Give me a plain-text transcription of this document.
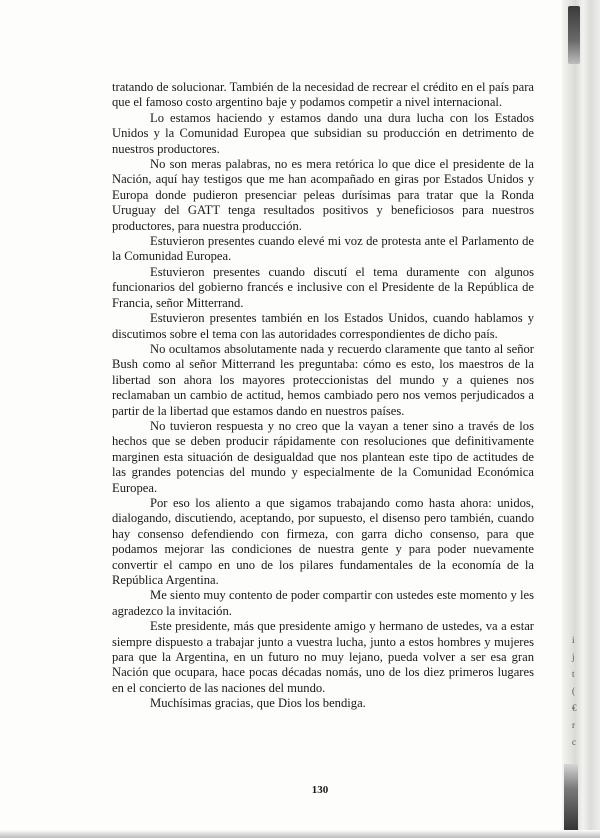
tratando de solucionar. También de la necesidad de recrear el crédito en el país para que el famoso costo argentino baje y podamos competir a nivel internacional.

Lo estamos haciendo y estamos dando una dura lucha con los Estados Unidos y la Comunidad Europea que subsidian su producción en detrimento de nuestros productores.

No son meras palabras, no es mera retórica lo que dice el presidente de la Nación, aquí hay testigos que me han acompañado en giras por Estados Unidos y Europa donde pudieron presenciar peleas durísimas para tratar que la Ronda Uruguay del GATT tenga resultados positivos y beneficiosos para nuestros productores, para nuestra producción.

Estuvieron presentes cuando elevé mi voz de protesta ante el Parlamento de la Comunidad Europea.

Estuvieron presentes cuando discutí el tema duramente con algunos funcionarios del gobierno francés e inclusive con el Presidente de la República de Francia, señor Mitterrand.

Estuvieron presentes también en los Estados Unidos, cuando hablamos y discutimos sobre el tema con las autoridades correspondientes de dicho país.

No ocultamos absolutamente nada y recuerdo claramente que tanto al señor Bush como al señor Mitterrand les preguntaba: cómo es esto, los maestros de la libertad son ahora los mayores proteccionistas del mundo y a quienes nos reclamaban un cambio de actitud, hemos cambiado pero nos vemos perjudicados a partir de la libertad que estamos dando en nuestros países.

No tuvieron respuesta y no creo que la vayan a tener sino a través de los hechos que se deben producir rápidamente con resoluciones que definitivamente marginen esta situación de desigualdad que nos plantean este tipo de actitudes de las grandes potencias del mundo y especialmente de la Comunidad Económica Europea.

Por eso los aliento a que sigamos trabajando como hasta ahora: unidos, dialogando, discutiendo, aceptando, por supuesto, el disenso pero también, cuando hay consenso defendiendo con firmeza, con garra dicho consenso, para que podamos mejorar las condiciones de nuestra gente y para poder nuevamente convertir el campo en uno de los pilares fundamentales de la economía de la República Argentina.

Me siento muy contento de poder compartir con ustedes este momento y les agradezco la invitación.

Este presidente, más que presidente amigo y hermano de ustedes, va a estar siempre dispuesto a trabajar junto a vuestra lucha, junto a estos hombres y mujeres para que la Argentina, en un futuro no muy lejano, pueda volver a ser esa gran Nación que ocupara, hace pocas décadas nomás, uno de los diez primeros lugares en el concierto de las naciones del mundo.

Muchísimas gracias, que Dios los bendiga.

i
j
t
(
€
r
c
130
